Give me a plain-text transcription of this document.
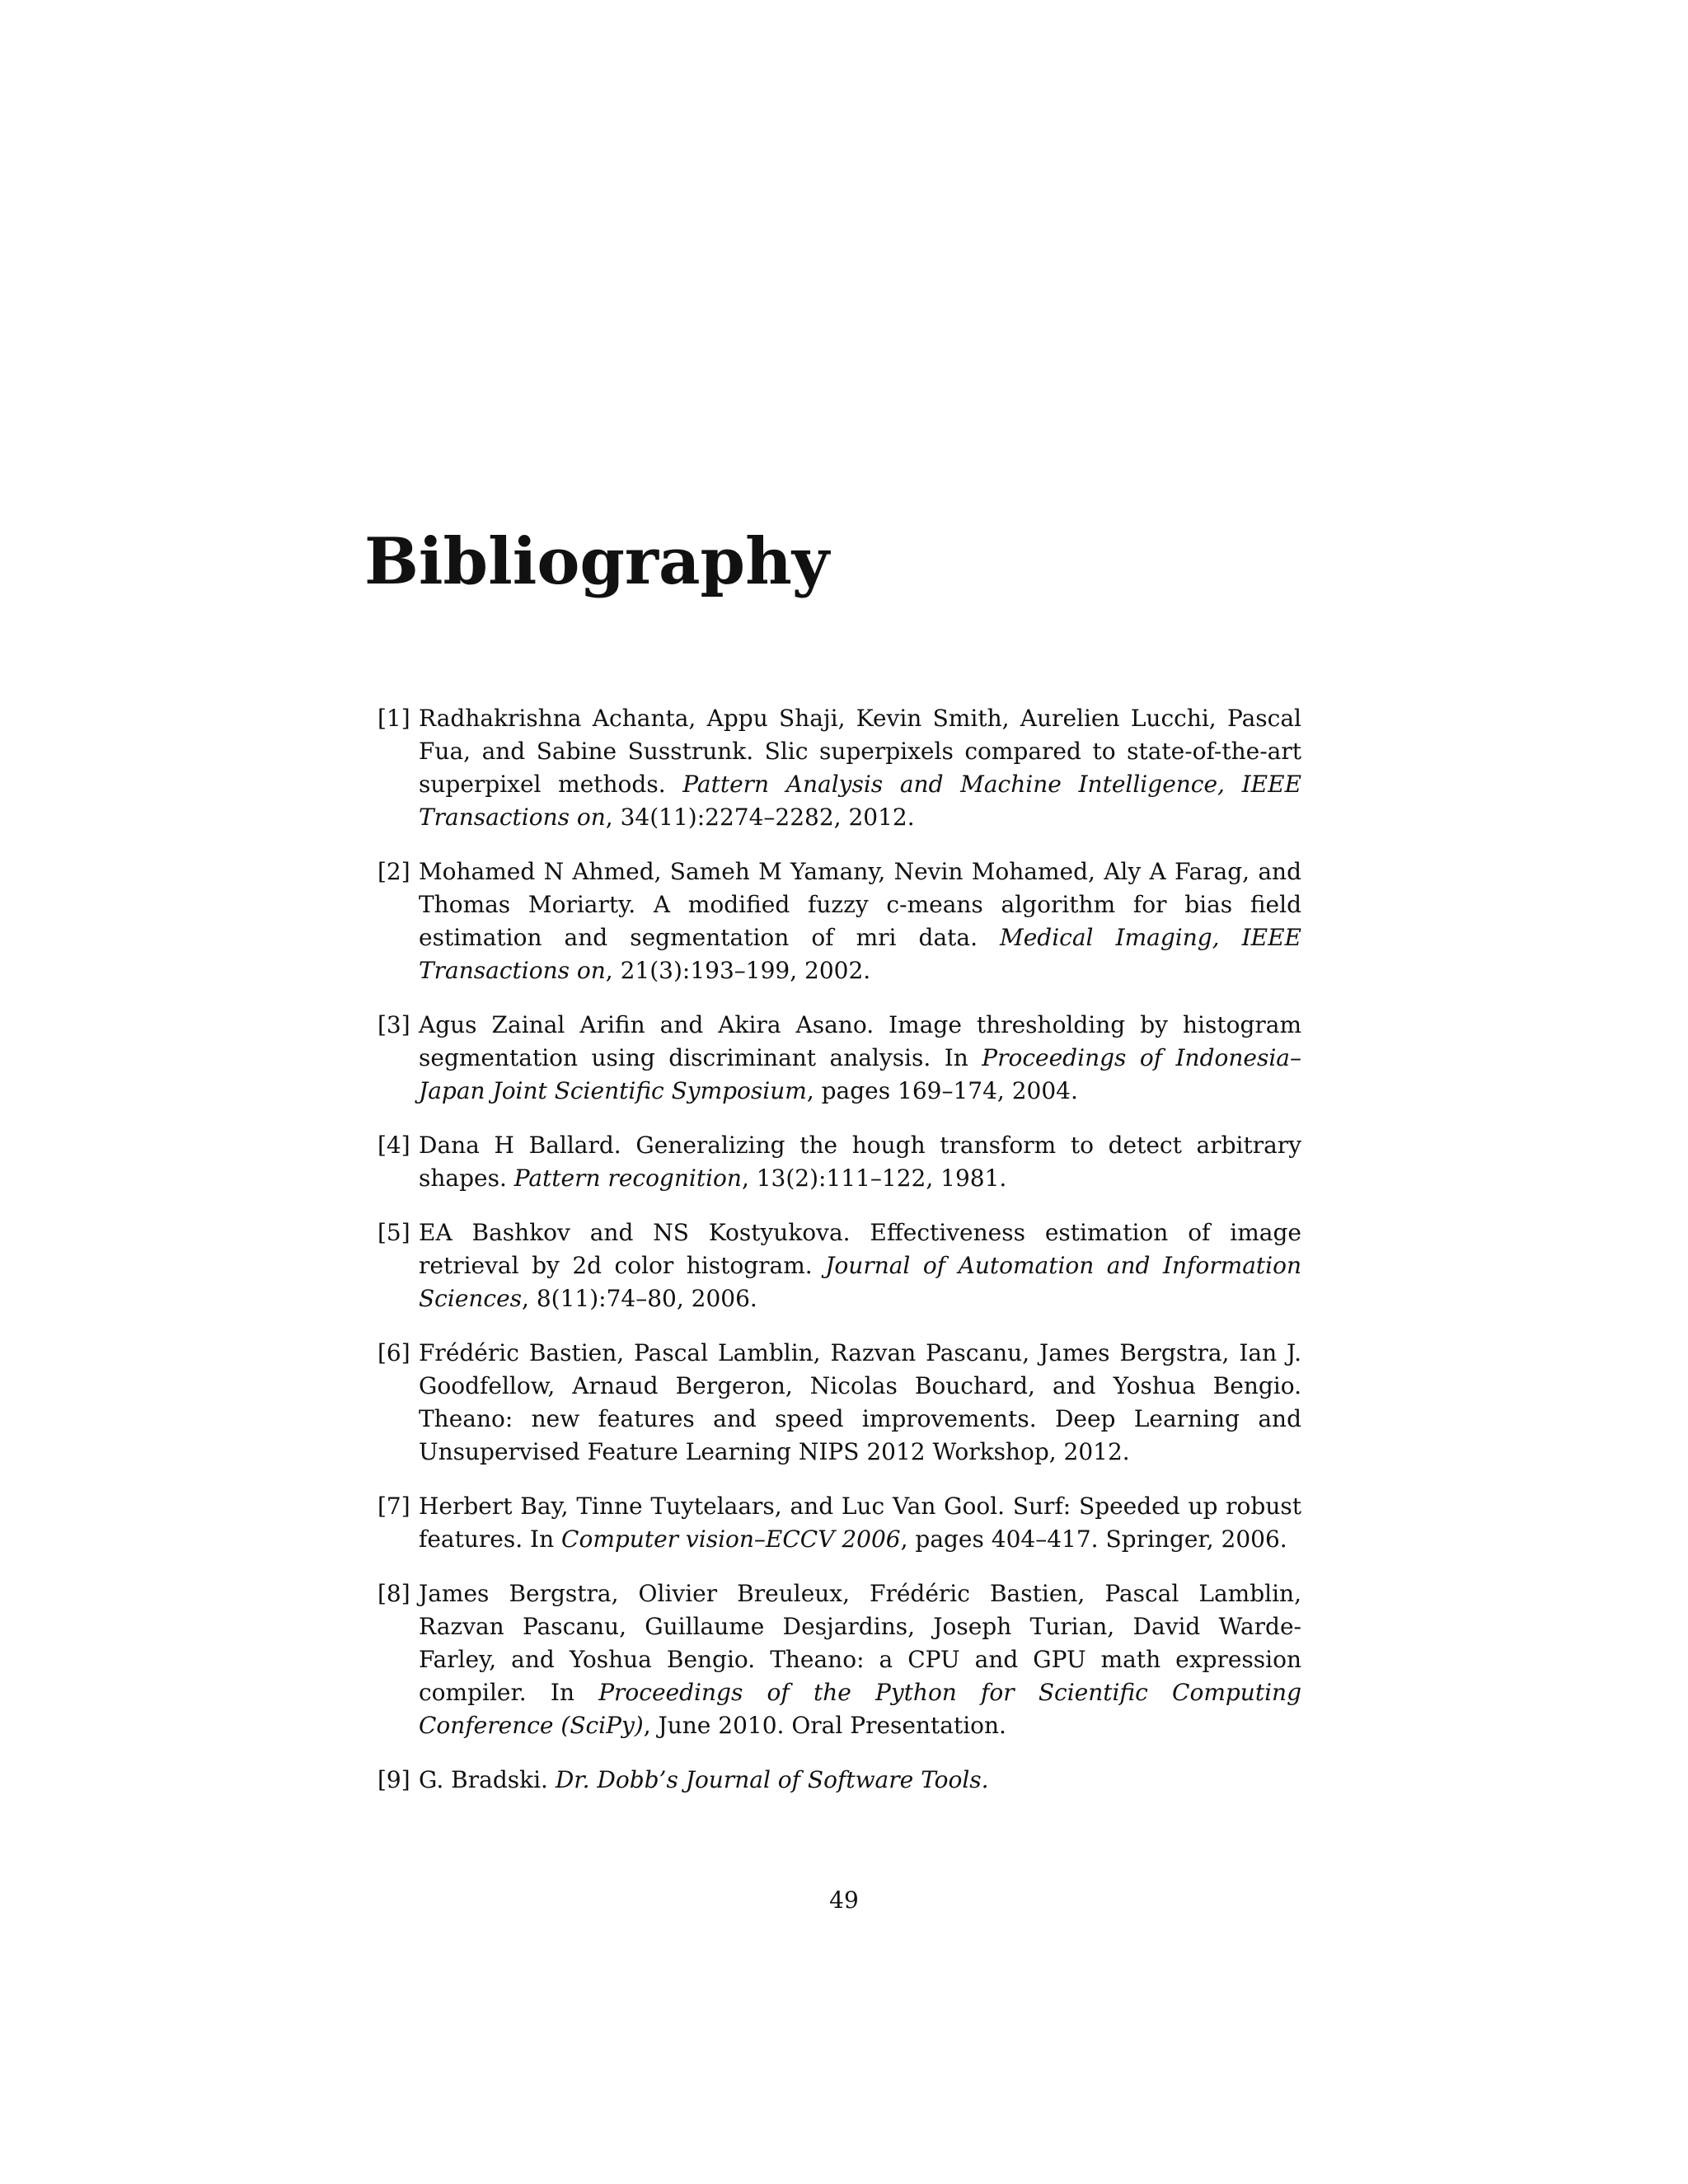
Bibliography
[1] Radhakrishna Achanta, Appu Shaji, Kevin Smith, Aurelien Lucchi, Pascal Fua, and Sabine Susstrunk. Slic superpixels compared to state-of-the-art superpixel methods. Pattern Analysis and Machine Intelligence, IEEE Transactions on, 34(11):2274–2282, 2012.
[2] Mohamed N Ahmed, Sameh M Yamany, Nevin Mohamed, Aly A Farag, and Thomas Moriarty. A modified fuzzy c-means algorithm for bias field estimation and segmentation of mri data. Medical Imaging, IEEE Transactions on, 21(3):193–199, 2002.
[3] Agus Zainal Arifin and Akira Asano. Image thresholding by histogram segmentation using discriminant analysis. In Proceedings of Indonesia–Japan Joint Scientific Symposium, pages 169–174, 2004.
[4] Dana H Ballard. Generalizing the hough transform to detect arbitrary shapes. Pattern recognition, 13(2):111–122, 1981.
[5] EA Bashkov and NS Kostyukova. Effectiveness estimation of image retrieval by 2d color histogram. Journal of Automation and Information Sciences, 8(11):74–80, 2006.
[6] Frédéric Bastien, Pascal Lamblin, Razvan Pascanu, James Bergstra, Ian J. Goodfellow, Arnaud Bergeron, Nicolas Bouchard, and Yoshua Bengio. Theano: new features and speed improvements. Deep Learning and Unsupervised Feature Learning NIPS 2012 Workshop, 2012.
[7] Herbert Bay, Tinne Tuytelaars, and Luc Van Gool. Surf: Speeded up robust features. In Computer vision–ECCV 2006, pages 404–417. Springer, 2006.
[8] James Bergstra, Olivier Breuleux, Frédéric Bastien, Pascal Lamblin, Razvan Pascanu, Guillaume Desjardins, Joseph Turian, David Warde-Farley, and Yoshua Bengio. Theano: a CPU and GPU math expression compiler. In Proceedings of the Python for Scientific Computing Conference (SciPy), June 2010. Oral Presentation.
[9] G. Bradski. Dr. Dobb’s Journal of Software Tools.
49
